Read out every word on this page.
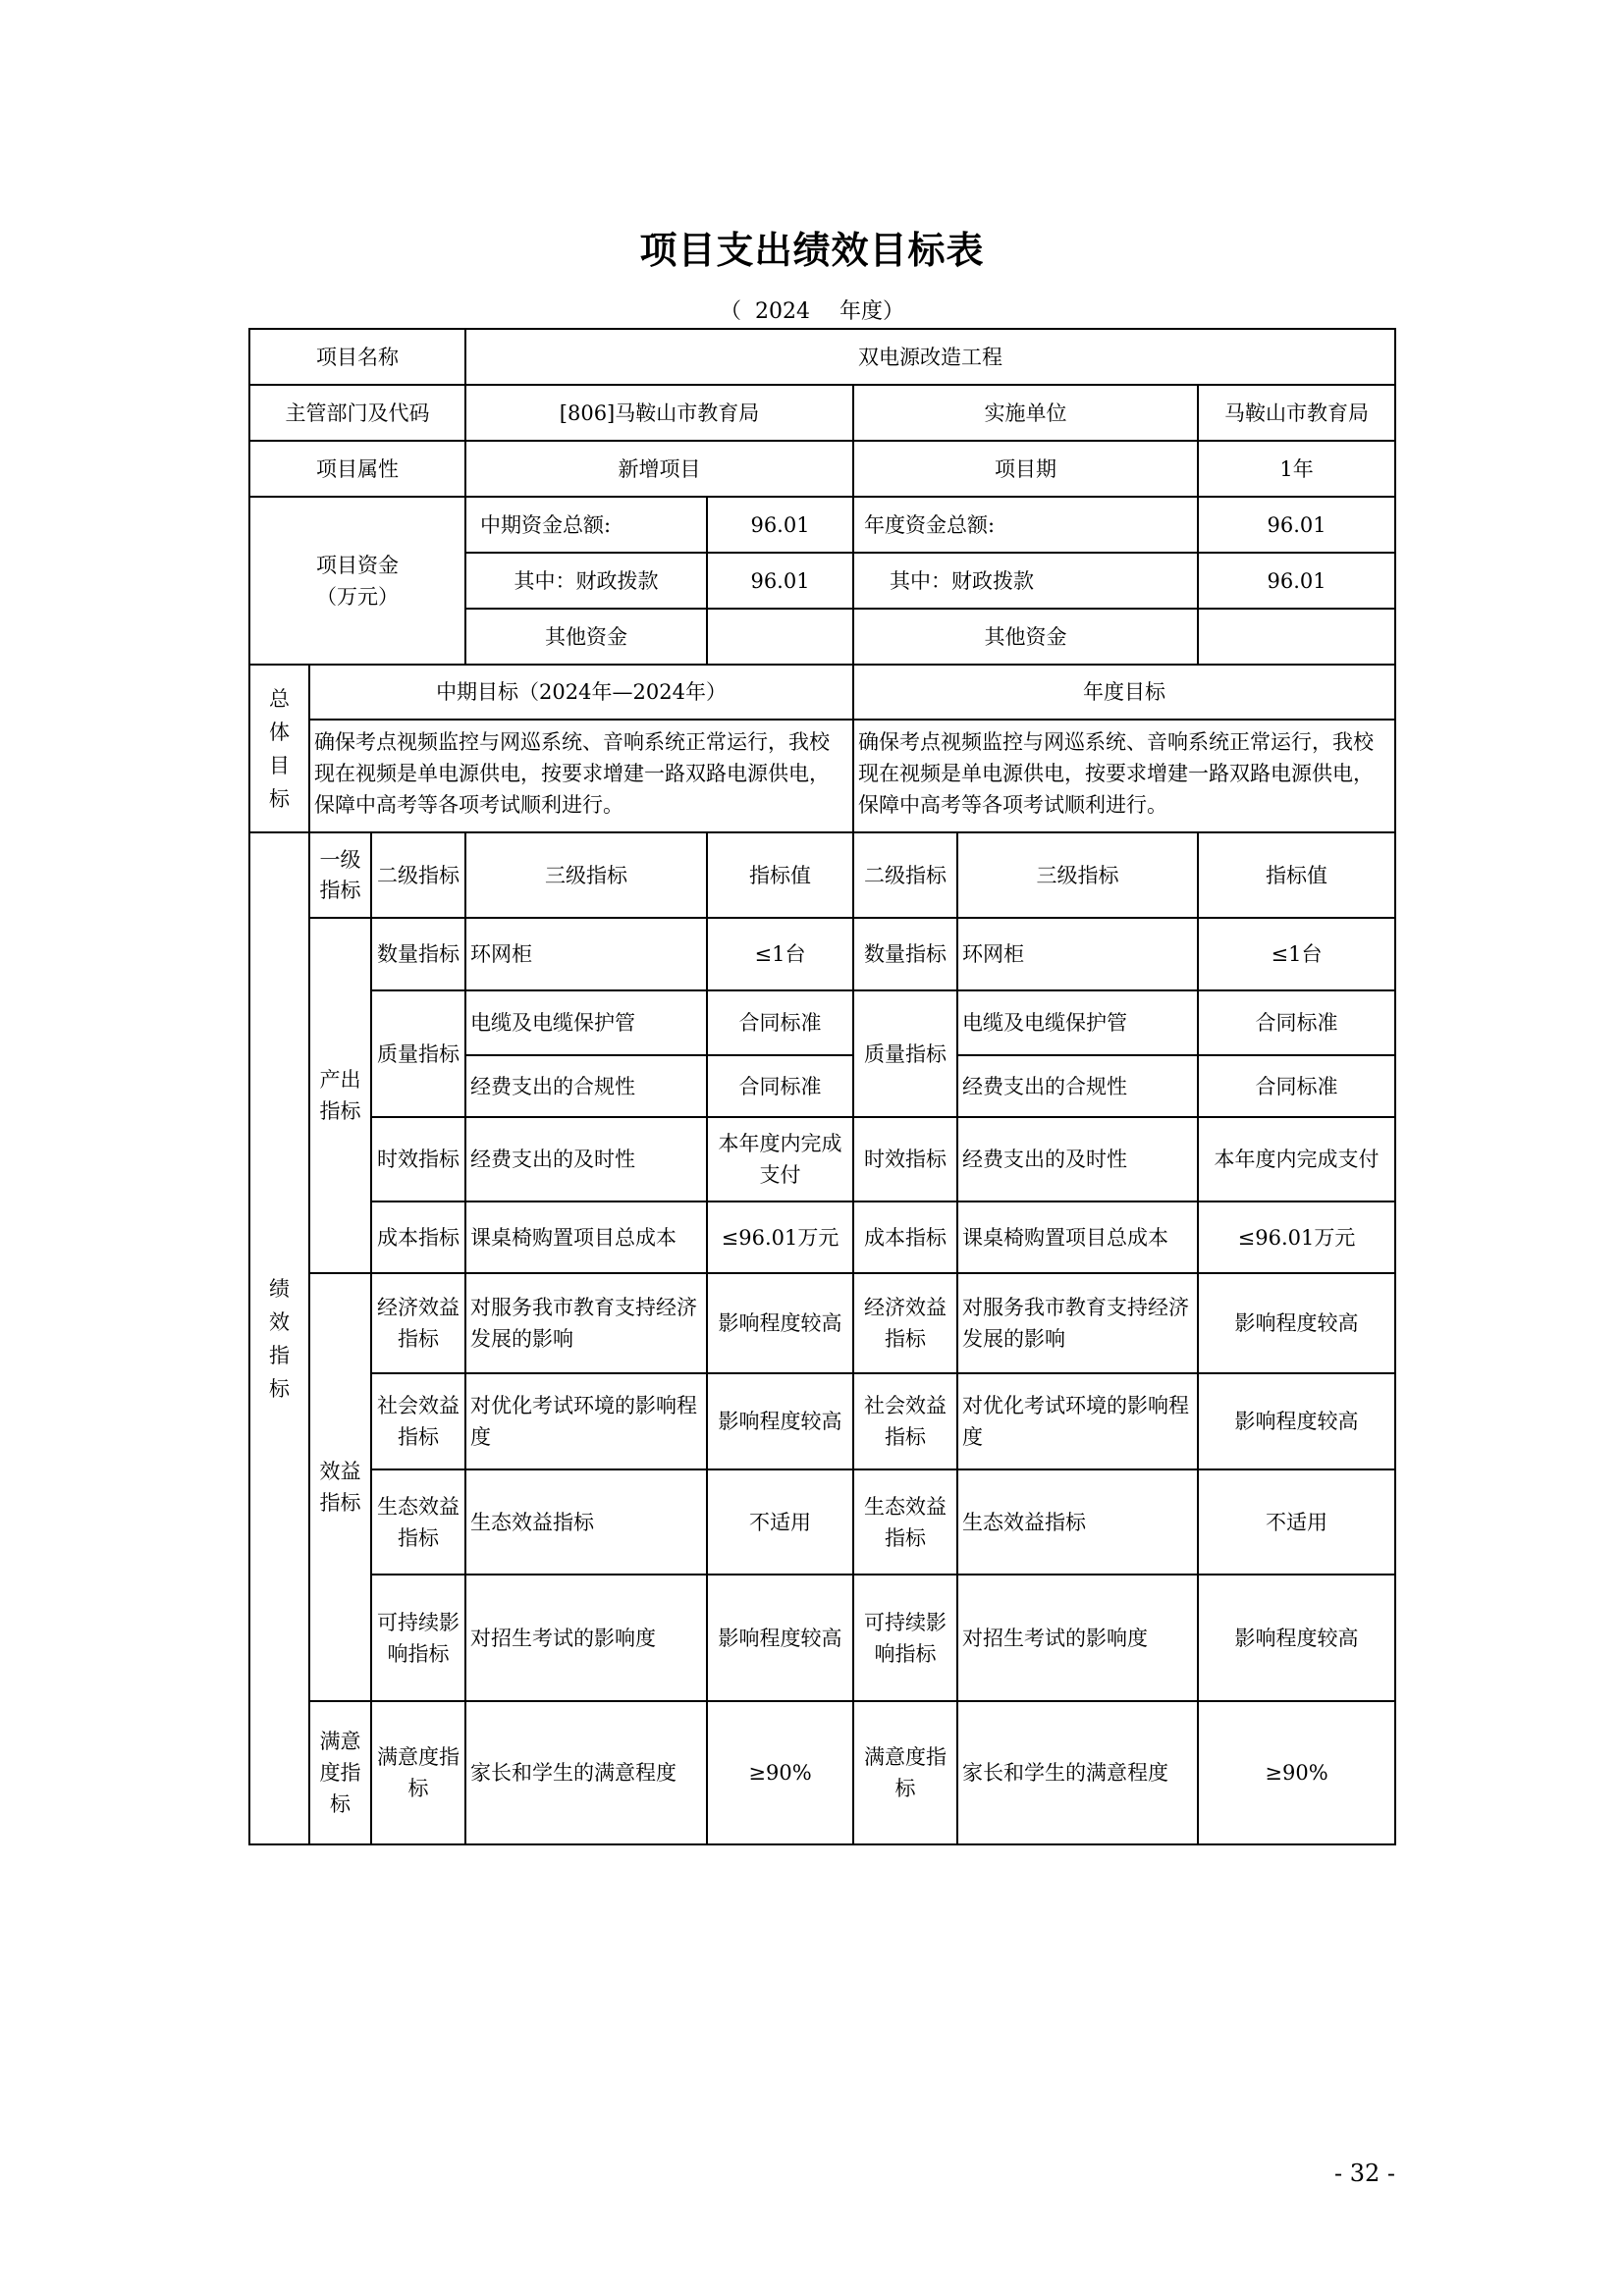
项目支出绩效目标表
（ 2024 年度）
项目名称			双电源改造工程				
主管部门及代码			[806]马鞍山市教育局		实施单位		马鞍山市教育局
项目属性			新增项目		项目期		1年
项目资金
（万元）			中期资金总额:	96.01	年度资金总额:		96.01
			其中：财政拨款	96.01	其中：财政拨款		96.01
			其他资金		其他资金		
总体目标	中期目标（2024年—2024年）				年度目标		
	确保考点视频监控与网巡系统、音响系统正常运行，我校现在视频是单电源供电，按要求增建一路双路电源供电，保障中高考等各项考试顺利进行。				确保考点视频监控与网巡系统、音响系统正常运行，我校现在视频是单电源供电，按要求增建一路双路电源供电，保障中高考等各项考试顺利进行。		
绩效指标	一级指标	二级指标	三级指标	指标值	二级指标	三级指标	指标值
	产出指标	数量指标	环网柜	≤1台	数量指标	环网柜	≤1台
		质量指标	电缆及电缆保护管	合同标准	质量指标	电缆及电缆保护管	合同标准
			经费支出的合规性	合同标准		经费支出的合规性	合同标准
		时效指标	经费支出的及时性	本年度内完成支付	时效指标	经费支出的及时性	本年度内完成支付
		成本指标	课桌椅购置项目总成本	≤96.01万元	成本指标	课桌椅购置项目总成本	≤96.01万元
	效益指标	经济效益指标	对服务我市教育支持经济发展的影响	影响程度较高	经济效益指标	对服务我市教育支持经济发展的影响	影响程度较高
		社会效益指标	对优化考试环境的影响程度	影响程度较高	社会效益指标	对优化考试环境的影响程度	影响程度较高
		生态效益指标	生态效益指标	不适用	生态效益指标	生态效益指标	不适用
		可持续影响指标	对招生考试的影响度	影响程度较高	可持续影响指标	对招生考试的影响度	影响程度较高
	满意度指标	满意度指标	家长和学生的满意程度	≥90%	满意度指标	家长和学生的满意程度	≥90%
- 32 -
